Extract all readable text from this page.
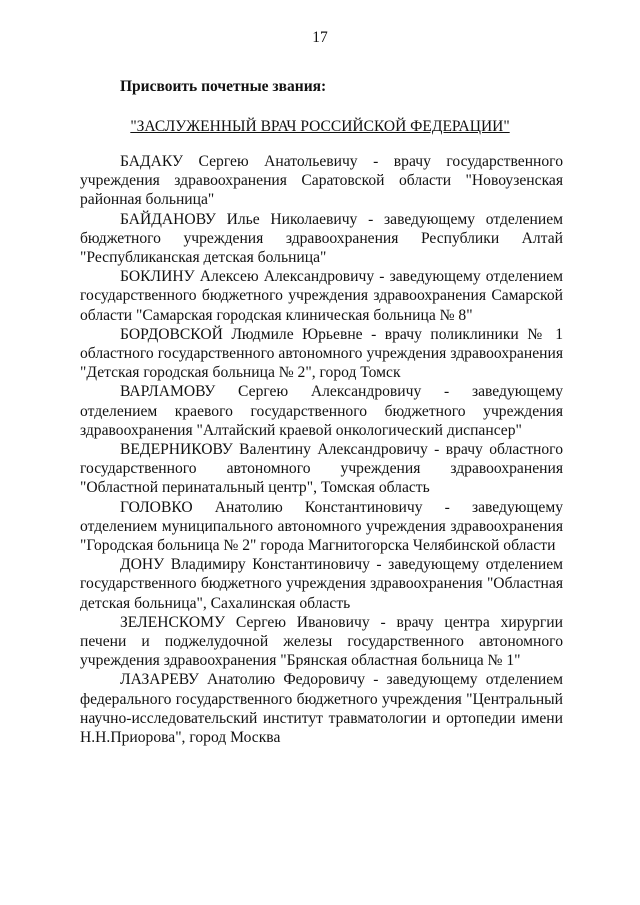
17
Присвоить почетные звания:
"ЗАСЛУЖЕННЫЙ ВРАЧ РОССИЙСКОЙ ФЕДЕРАЦИИ"

БАДАКУ Сергею Анатольевичу - врачу государственного учреждения здравоохранения Саратовской области "Новоузенская районная больница"

БАЙДАНОВУ Илье Николаевичу - заведующему отделением бюджетного учреждения здравоохранения Республики Алтай "Республиканская детская больница"

БОКЛИНУ Алексею Александровичу - заведующему отделением государственного бюджетного учреждения здравоохранения Самарской области "Самарская городская клиническая больница № 8"

БОРДОВСКОЙ Людмиле Юрьевне - врачу поликлиники № 1 областного государственного автономного учреждения здравоохранения "Детская городская больница № 2", город Томск

ВАРЛАМОВУ Сергею Александровичу - заведующему отделением краевого государственного бюджетного учреждения здравоохранения "Алтайский краевой онкологический диспансер"

ВЕДЕРНИКОВУ Валентину Александровичу - врачу областного государственного автономного учреждения здравоохранения "Областной перинатальный центр", Томская область

ГОЛОВКО Анатолию Константиновичу - заведующему отделением муниципального автономного учреждения здравоохранения "Городская больница № 2" города Магнитогорска Челябинской области

ДОНУ Владимиру Константиновичу - заведующему отделением государственного бюджетного учреждения здравоохранения "Областная детская больница", Сахалинская область

ЗЕЛЕНСКОМУ Сергею Ивановичу - врачу центра хирургии печени и поджелудочной железы государственного автономного учреждения здравоохранения "Брянская областная больница № 1"

ЛАЗАРЕВУ Анатолию Федоровичу - заведующему отделением федерального государственного бюджетного учреждения "Центральный научно-исследовательский институт травматологии и ортопедии имени Н.Н.Приорова", город Москва
